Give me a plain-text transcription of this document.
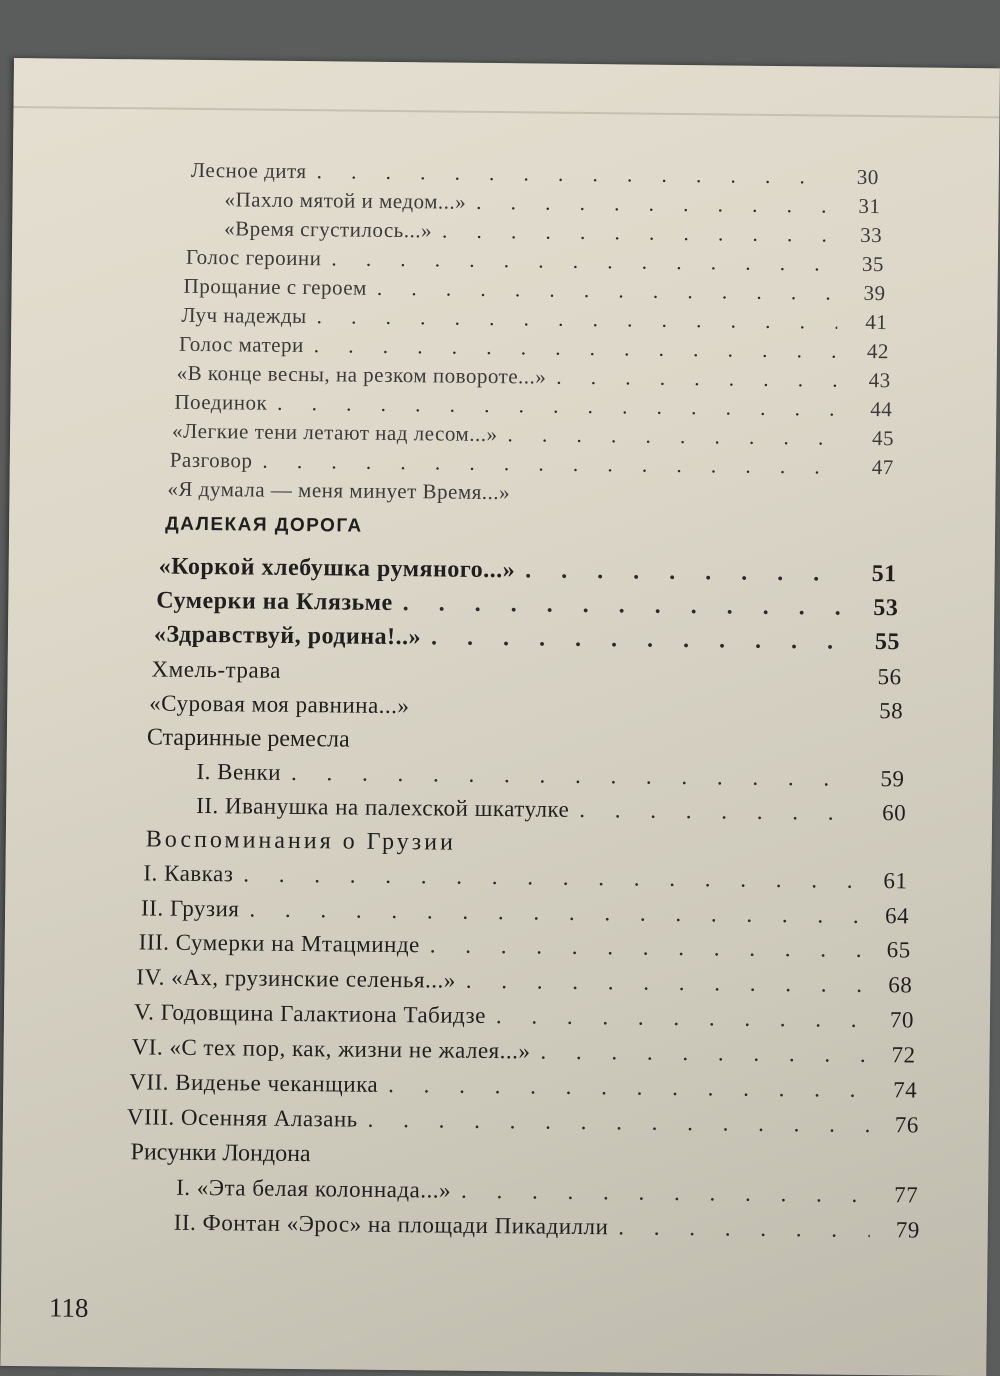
Лесное дитя . . .	30
«Пахло мятой и медом...» . . .	31
«Время сгустилось...» . . .	33
Голос героини . . .	35
Прощание с героем . . .	39
Луч надежды . . .	41
Голос матери . . .	42
«В конце весны, на резком повороте...» . . .	43
Поединок . . .	44
«Легкие тени летают над лесом...» . . .	45
Разговор . . .	47
«Я думала — меня минует Время...»
ДАЛЕКАЯ ДОРОГА
«Коркой хлебушка румяного...» . . .	51
Сумерки на Клязьме . . .	53
«Здравствуй, родина!..» . . .	55
Хмель-трава	56
«Суровая моя равнина...»	58
Старинные ремесла
I. Венки . . .	59
II. Иванушка на палехской шкатулке . . .	60
Воспоминания о Грузии
I. Кавказ . . .	61
II. Грузия . . .	64
III. Сумерки на Мтацминде . . .	65
IV. «Ах, грузинские селенья...» . . .	68
V. Годовщина Галактиона Табидзе . . .	70
VI. «С тех пор, как, жизни не жалея...» . . .	72
VII. Виденье чеканщика . . .	74
VIII. Осенняя Алазань . . .	76
Рисунки Лондона
I. «Эта белая колоннада...» . . .	77
II. Фонтан «Эрос» на площади Пикадилли . . .	79
118
